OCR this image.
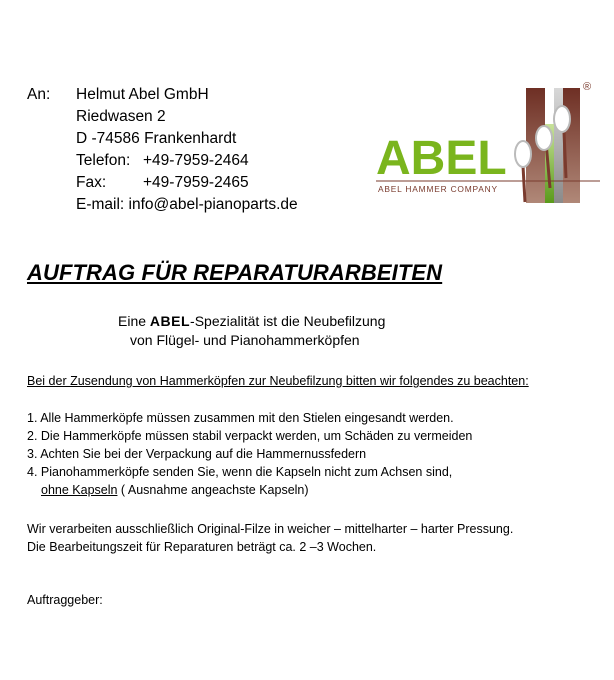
An: Helmut Abel GmbH
Riedwasen 2
D -74586 Frankenhardt
Telefon: +49-7959-2464
Fax: +49-7959-2465
E-mail: info@abel-pianoparts.de
ABEL
ABEL HAMMER COMPANY
®
AUFTRAG FÜR REPARATURARBEITEN
Eine ABEL-Spezialität ist die Neubefilzung
von Flügel- und Pianohammerköpfen
Bei der Zusendung von Hammerköpfen zur Neubefilzung bitten wir folgendes zu beachten:
1. Alle Hammerköpfe müssen zusammen mit den Stielen eingesandt werden.
2. Die Hammerköpfe müssen stabil verpackt werden, um Schäden zu vermeiden
3. Achten Sie bei der Verpackung auf die Hammernussfedern
4. Pianohammerköpfe senden Sie, wenn die Kapseln nicht zum Achsen sind,
ohne Kapseln ( Ausnahme angeachste Kapseln)
Wir verarbeiten ausschließlich Original-Filze in weicher – mittelharter – harter Pressung.
Die Bearbeitungszeit für Reparaturen beträgt ca. 2 –3 Wochen.
Auftraggeber:
